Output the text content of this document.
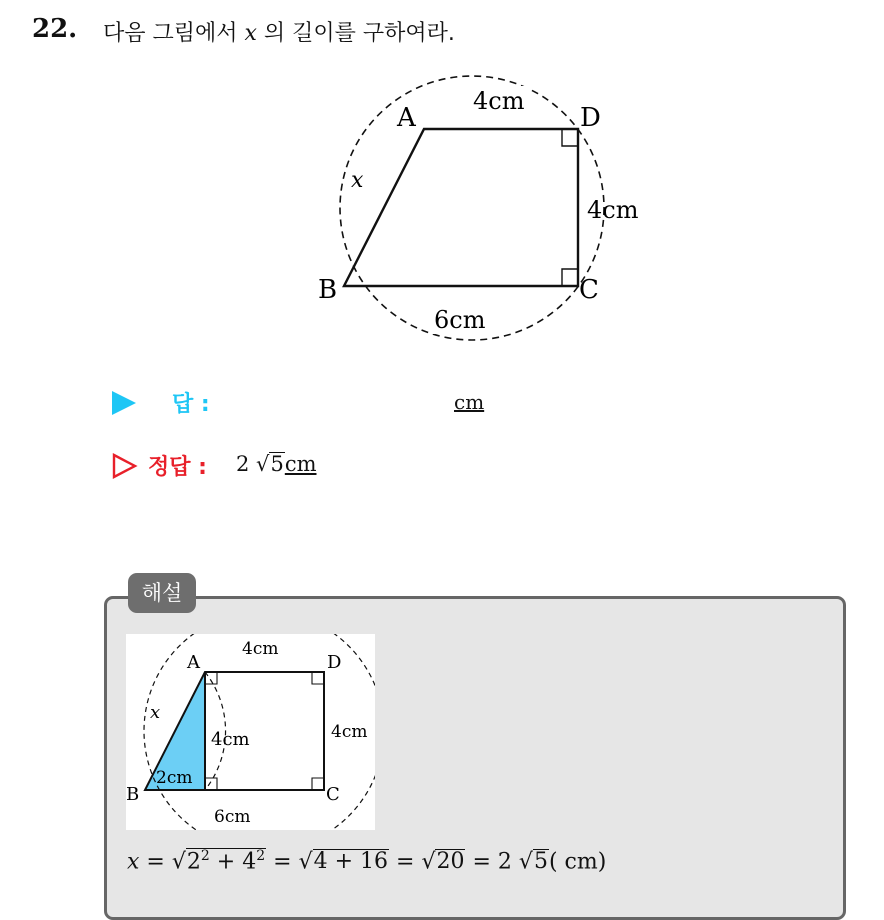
22. 다음 그림에서 x 의 길이를 구하여라.
A	D
B	C
4cm
4cm
6cm
x
답 :	cm
정답 : 2 √5cm
해설
A	D
B	C
4cm
4cm	4cm
6cm
2cm
x
$x = √2^2 + 4^2 = √4 + 16 = √20 = 2$ √5( cm)
